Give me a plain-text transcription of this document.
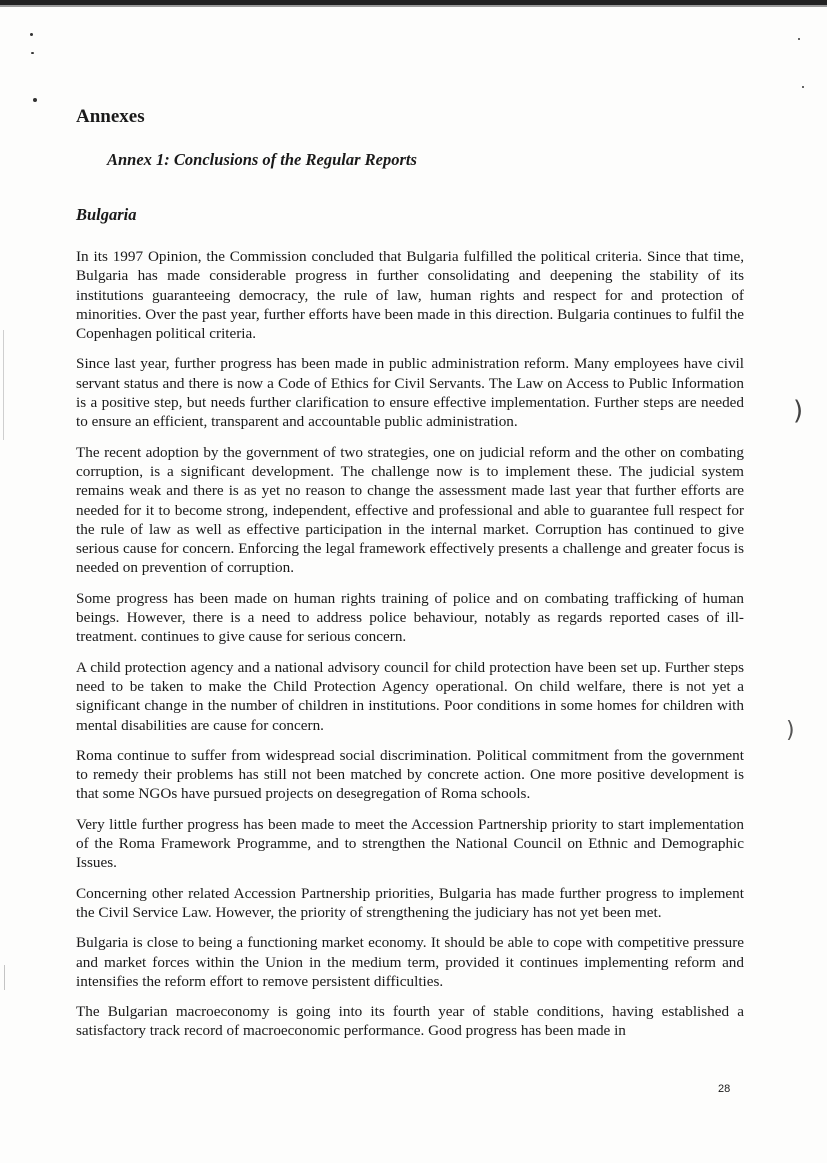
)
)
Annexes
Annex 1: Conclusions of the Regular Reports
Bulgaria

In its 1997 Opinion, the Commission concluded that Bulgaria fulfilled the political criteria. Since that time, Bulgaria has made considerable progress in further consolidating and deepening the stability of its institutions guaranteeing democracy, the rule of law, human rights and respect for and protection of minorities. Over the past year, further efforts have been made in this direction. Bulgaria continues to fulfil the Copenhagen political criteria.

Since last year, further progress has been made in public administration reform. Many employees have civil servant status and there is now a Code of Ethics for Civil Servants. The Law on Access to Public Information is a positive step, but needs further clarification to ensure effective implementation. Further steps are needed to ensure an efficient, transparent and accountable public administration.

The recent adoption by the government of two strategies, one on judicial reform and the other on combating corruption, is a significant development. The challenge now is to implement these. The judicial system remains weak and there is as yet no reason to change the assessment made last year that further efforts are needed for it to become strong, independent, effective and professional and able to guarantee full respect for the rule of law as well as effective participation in the internal market. Corruption has continued to give serious cause for concern. Enforcing the legal framework effectively presents a challenge and greater focus is needed on prevention of corruption.

Some progress has been made on human rights training of police and on combating trafficking of human beings. However, there is a need to address police behaviour, notably as regards reported cases of ill-treatment. continues to give cause for serious concern.

A child protection agency and a national advisory council for child protection have been set up. Further steps need to be taken to make the Child Protection Agency operational. On child welfare, there is not yet a significant change in the number of children in institutions. Poor conditions in some homes for children with mental disabilities are cause for concern.

Roma continue to suffer from widespread social discrimination. Political commitment from the government to remedy their problems has still not been matched by concrete action. One more positive development is that some NGOs have pursued projects on desegregation of Roma schools.

Very little further progress has been made to meet the Accession Partnership priority to start implementation of the Roma Framework Programme, and to strengthen the National Council on Ethnic and Demographic Issues.

Concerning other related Accession Partnership priorities, Bulgaria has made further progress to implement the Civil Service Law. However, the priority of strengthening the judiciary has not yet been met.

Bulgaria is close to being a functioning market economy. It should be able to cope with competitive pressure and market forces within the Union in the medium term, provided it continues implementing reform and intensifies the reform effort to remove persistent difficulties.

The Bulgarian macroeconomy is going into its fourth year of stable conditions, having established a satisfactory track record of macroeconomic performance. Good progress has been made in

28
